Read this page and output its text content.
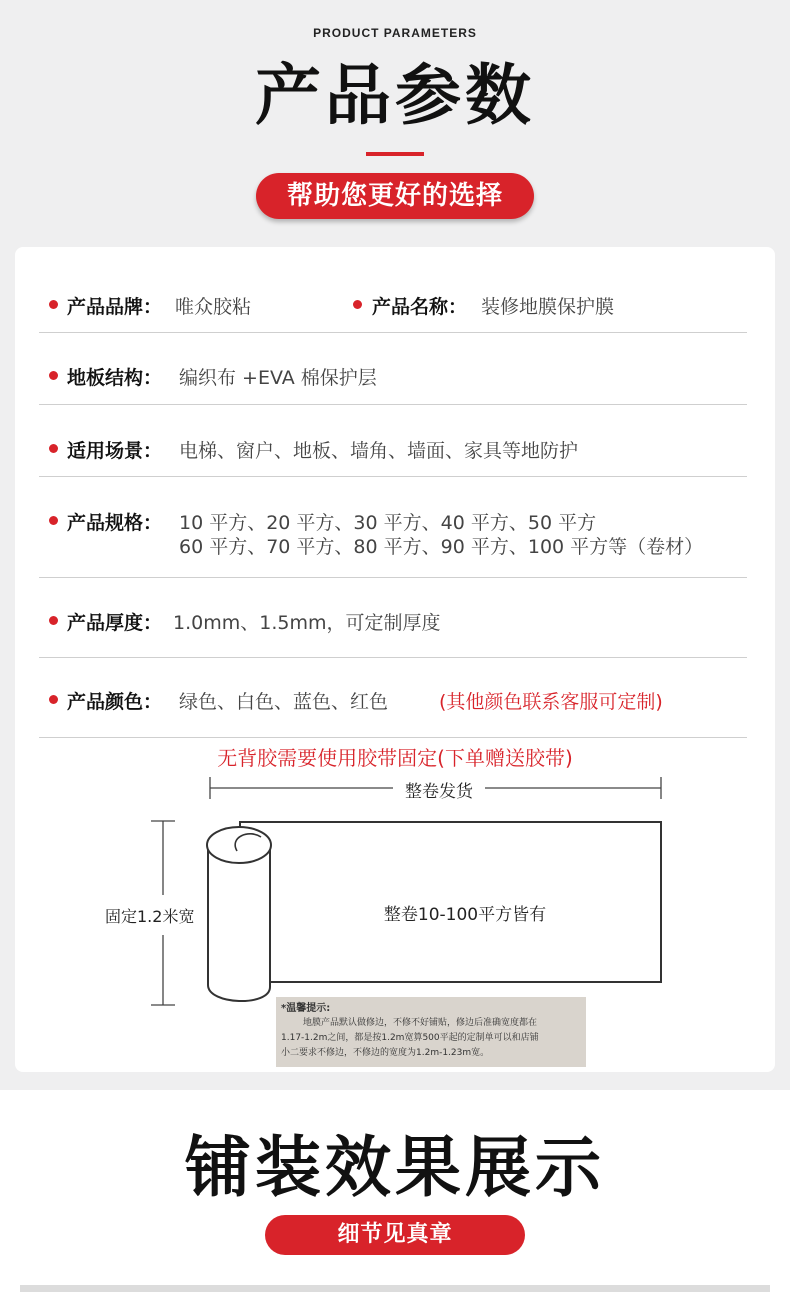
PRODUCT PARAMETERS
产品参数
帮助您更好的选择
产品品牌： 唯众胶粘	产品名称： 装修地膜保护膜
地板结构： 编织布 +EVA 棉保护层
适用场景： 电梯、窗户、地板、墙角、墙面、家具等地防护
产品规格： 10 平方、20 平方、30 平方、40 平方、50 平方
60 平方、70 平方、80 平方、90 平方、100 平方等（卷材）
产品厚度： 1.0mm、1.5mm，可定制厚度
产品颜色： 绿色、白色、蓝色、红色	(其他颜色联系客服可定制)
无背胶需要使用胶带固定(下单赠送胶带)
整卷发货
固定1.2米宽	整卷10-100平方皆有
*温馨提示:
地膜产品默认做修边，不修不好铺贴，修边后准确宽度都在
1.17-1.2m之间，都是按1.2m宽算500平起的定制单可以和店铺
小二要求不修边，不修边的宽度为1.2m-1.23m宽。
铺装效果展示
细节见真章
